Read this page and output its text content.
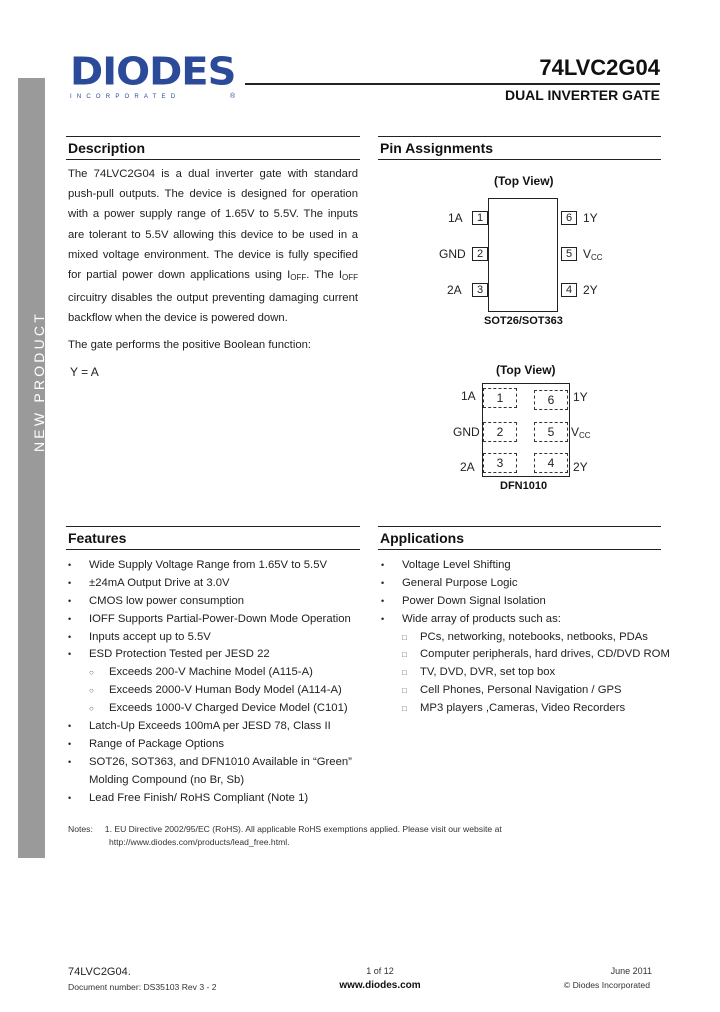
NEW PRODUCT
DIODES
INCORPORATED	®
74LVC2G04
DUAL INVERTER GATE
Description
The 74LVC2G04 is a dual inverter gate with standard push-pull outputs. The device is designed for operation with a power supply range of 1.65V to 5.5V. The inputs are tolerant to 5.5V allowing this device to be used in a mixed voltage environment. The device is fully specified for partial power down applications using $I_{OFF}$. The $I_{OFF}$ circuitry disables the output preventing damaging current backflow when the device is powered down.
The gate performs the positive Boolean function:
Y = A
Pin Assignments
(Top View)
1
2
3
6
5
4
1A
GND
2A
1Y
$V_{CC}$
2Y
SOT26/SOT363
(Top View)
1
2
3
6
5
4
1A
GND
2A
1Y
$V_{CC}$
2Y
DFN1010
Features
• Wide Supply Voltage Range from 1.65V to 5.5V
• ±24mA Output Drive at 3.0V
• CMOS low power consumption
• IOFF Supports Partial-Power-Down Mode Operation
• Inputs accept up to 5.5V
• ESD Protection Tested per JESD 22
○ Exceeds 200-V Machine Model (A115-A)
○ Exceeds 2000-V Human Body Model (A114-A)
○ Exceeds 1000-V Charged Device Model (C101)
• Latch-Up Exceeds 100mA per JESD 78, Class II
• Range of Package Options
• SOT26, SOT363, and DFN1010 Available in “Green”
Molding Compound (no Br, Sb)
• Lead Free Finish/ RoHS Compliant (Note 1)
Applications
• Voltage Level Shifting
• General Purpose Logic
• Power Down Signal Isolation
• Wide array of products such as:
□ PCs, networking, notebooks, netbooks, PDAs
□ Computer peripherals, hard drives, CD/DVD ROM
□ TV, DVD, DVR, set top box
□ Cell Phones, Personal Navigation / GPS
□ MP3 players ,Cameras, Video Recorders
Notes: 1. EU Directive 2002/95/EC (RoHS). All applicable RoHS exemptions applied. Please visit our website at
http://www.diodes.com/products/lead_free.html.
74LVC2G04.
Document number: DS35103 Rev 3 - 2
1 of 12
www.diodes.com
June 2011
© Diodes Incorporated
